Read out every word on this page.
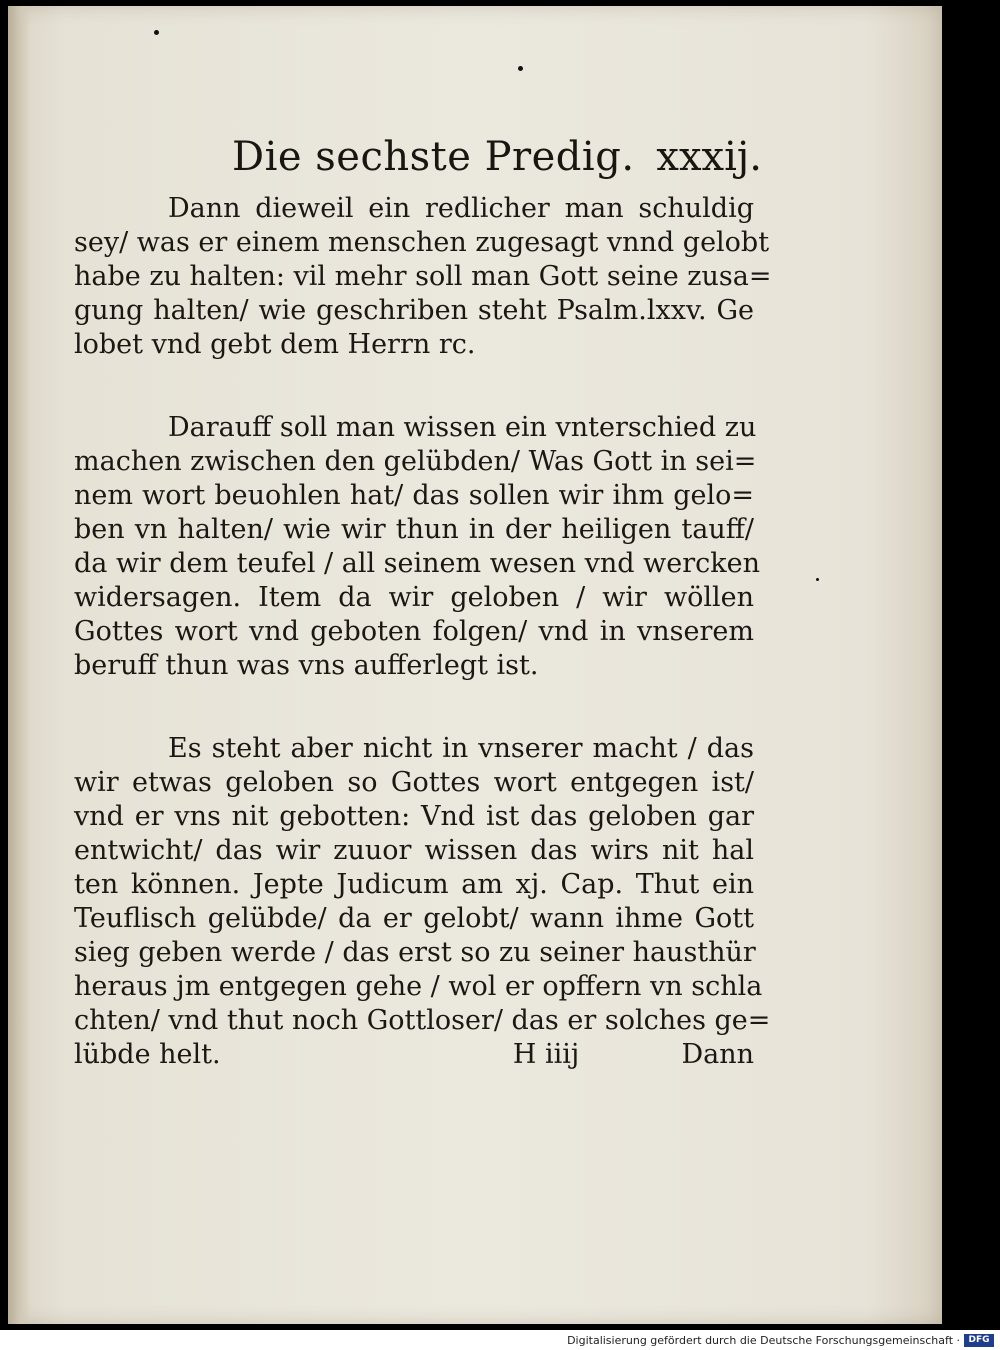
Die sechste Predig. xxxij.
Dann dieweil ein redlicher man schuldig
sey/ was er einem menschen zugesagt vnnd gelobt
habe zu halten: vil mehr soll man Gott seine zusa=
gung halten/ wie geschriben steht Psalm.lxxv. Ge
lobet vnd gebt dem Herrn rc.
Darauff soll man wissen ein vnterschied zu
machen zwischen den gelübden/ Was Gott in sei=
nem wort beuohlen hat/ das sollen wir ihm gelo=
ben vn halten/ wie wir thun in der heiligen tauff/
da wir dem teufel / all seinem wesen vnd wercken
widersagen. Item da wir geloben / wir wöllen
Gottes wort vnd geboten folgen/ vnd in vnserem
beruff thun was vns aufferlegt ist.
Es steht aber nicht in vnserer macht / das
wir etwas geloben so Gottes wort entgegen ist/
vnd er vns nit gebotten: Vnd ist das geloben gar
entwicht/ das wir zuuor wissen das wirs nit hal
ten können. Jepte Judicum am xj. Cap. Thut ein
Teuflisch gelübde/ da er gelobt/ wann ihme Gott
sieg geben werde / das erst so zu seiner hausthür
heraus jm entgegen gehe / wol er opffern vn schla
chten/ vnd thut noch Gottloser/ das er solches ge=
lübde helt.	H iiij	Dann
Digitalisierung gefördert durch die Deutsche Forschungsgemeinschaft · DFG
